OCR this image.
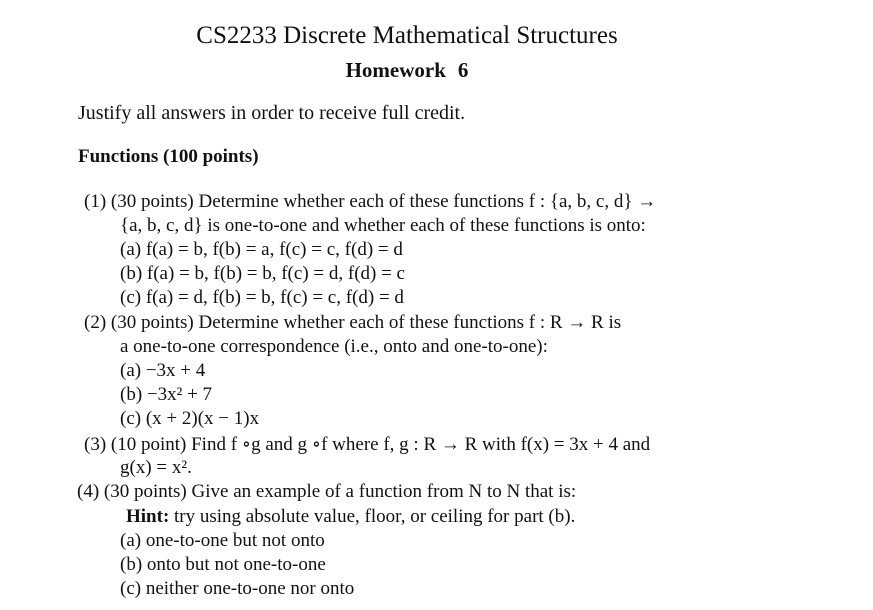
CS2233 Discrete Mathematical Structures
Homework 6
Justify all answers in order to receive full credit.
Functions (100 points)
(1) (30 points) Determine whether each of these functions f : {a, b, c, d} →
{a, b, c, d} is one-to-one and whether each of these functions is onto:
(a) f(a) = b, f(b) = a, f(c) = c, f(d) = d
(b) f(a) = b, f(b) = b, f(c) = d, f(d) = c
(c) f(a) = d, f(b) = b, f(c) = c, f(d) = d
(2) (30 points) Determine whether each of these functions f : R → R is
a one-to-one correspondence (i.e., onto and one-to-one):
(a) −3x + 4
(b) −3x² + 7
(c) (x + 2)(x − 1)x
(3) (10 point) Find f ∘g and g ∘f where f, g : R → R with f(x) = 3x + 4 and
g(x) = x².
(4) (30 points) Give an example of a function from N to N that is:
Hint: try using absolute value, floor, or ceiling for part (b).
(a) one-to-one but not onto
(b) onto but not one-to-one
(c) neither one-to-one nor onto
